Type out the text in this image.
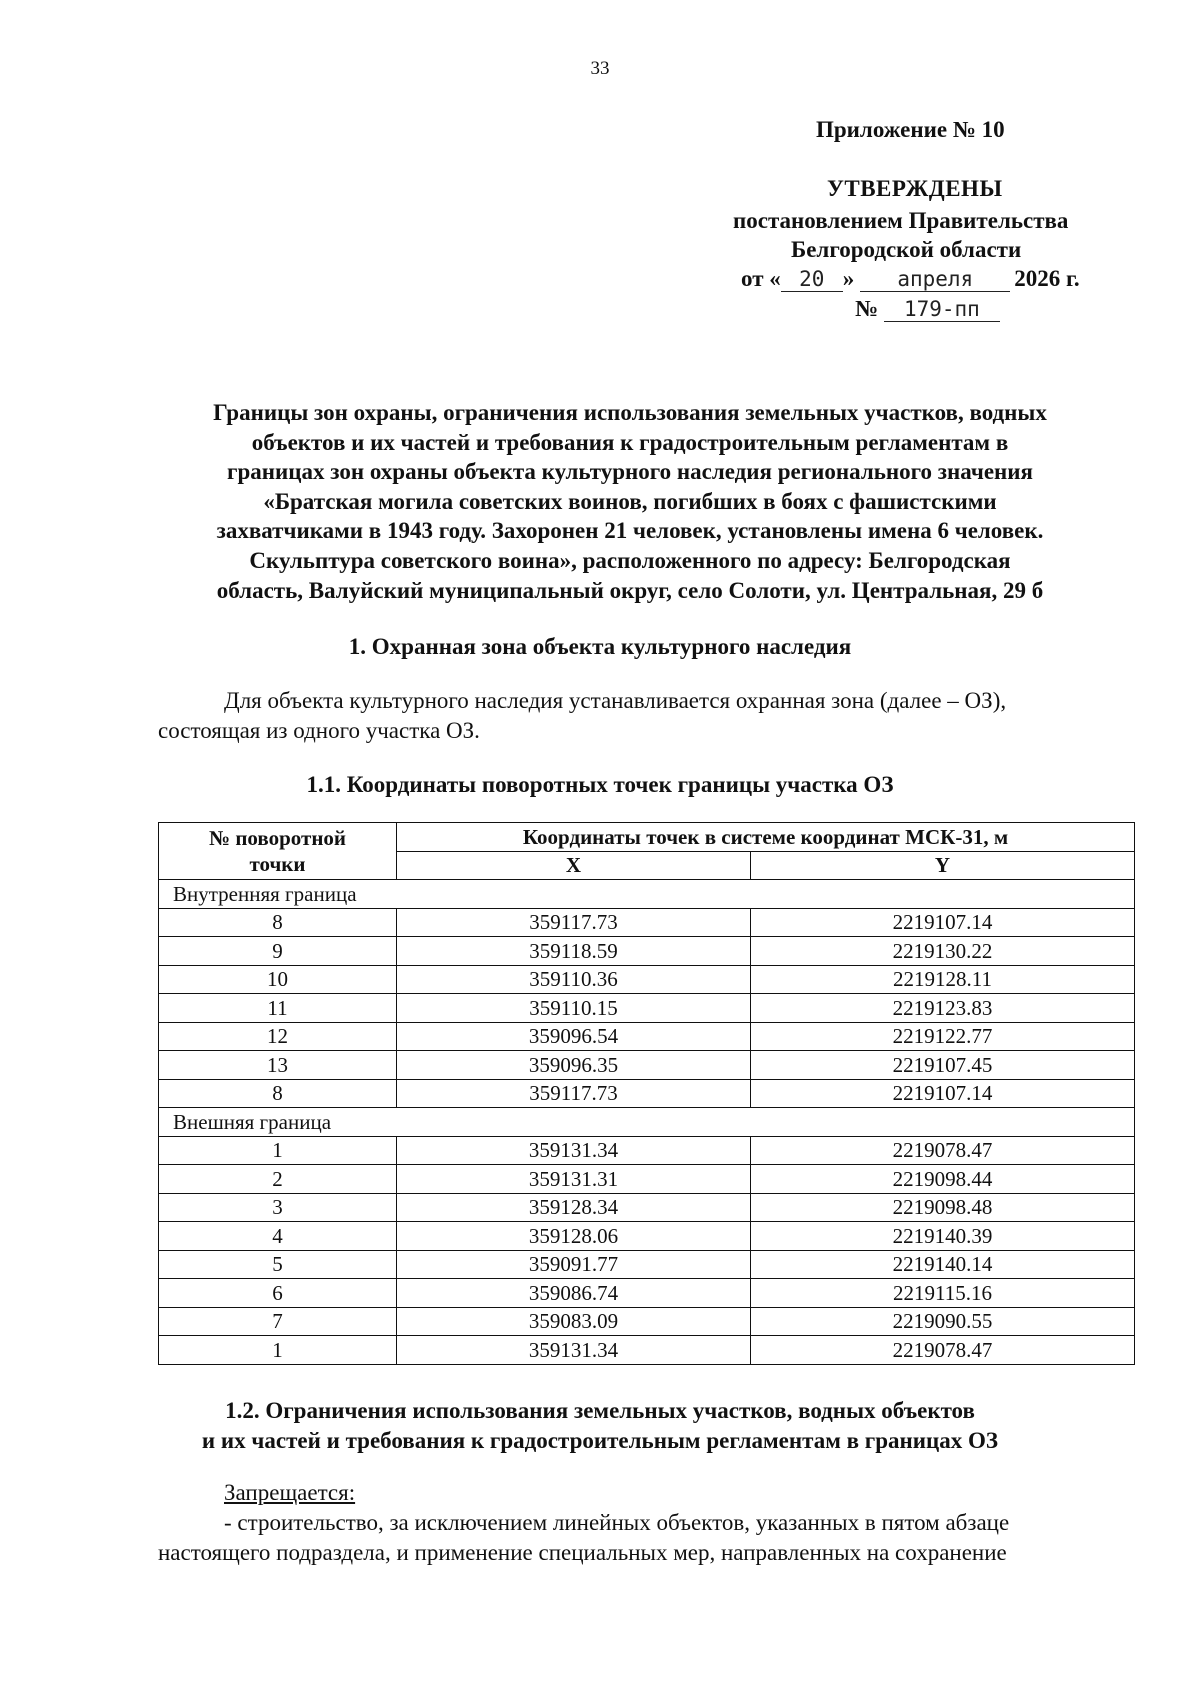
33
Приложение № 10
УТВЕРЖДЕНЫ
постановлением Правительства
Белгородской области
от « 20 » апреля 2026 г.
№ 179-пп
Границы зон охраны, ограничения использования земельных участков, водных
объектов и их частей и требования к градостроительным регламентам в
границах зон охраны объекта культурного наследия регионального значения
«Братская могила советских воинов, погибших в боях с фашистскими
захватчиками в 1943 году. Захоронен 21 человек, установлены имена 6 человек.
Скульптура советского воина», расположенного по адресу: Белгородская
область, Валуйский муниципальный округ, село Солоти, ул. Центральная, 29 б
1. Охранная зона объекта культурного наследия
Для объекта культурного наследия устанавливается охранная зона (далее – ОЗ),
состоящая из одного участка ОЗ.
1.1. Координаты поворотных точек границы участка ОЗ
№ поворотной
точки	Координаты точек в системе координат МСК-31, м	
	X	Y
Внутренняя граница		
8	359117.73	2219107.14
9	359118.59	2219130.22
10	359110.36	2219128.11
11	359110.15	2219123.83
12	359096.54	2219122.77
13	359096.35	2219107.45
8	359117.73	2219107.14
Внешняя граница		
1	359131.34	2219078.47
2	359131.31	2219098.44
3	359128.34	2219098.48
4	359128.06	2219140.39
5	359091.77	2219140.14
6	359086.74	2219115.16
7	359083.09	2219090.55
1	359131.34	2219078.47
1.2. Ограничения использования земельных участков, водных объектов
и их частей и требования к градостроительным регламентам в границах ОЗ
Запрещается:
- строительство, за исключением линейных объектов, указанных в пятом абзаце
настоящего подраздела, и применение специальных мер, направленных на сохранение
